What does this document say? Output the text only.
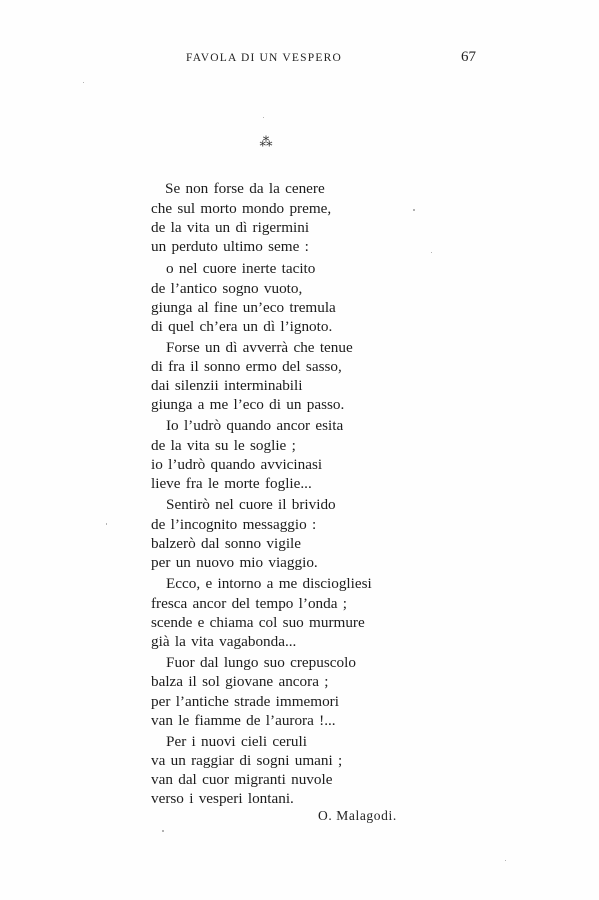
FAVOLA DI UN VESPERO	67
⁂
Se non forse da la cenere
che sul morto mondo preme,
de la vita un dì rigermini
un perduto ultimo seme :
o nel cuore inerte tacito
de l’antico sogno vuoto,
giunga al fine un’eco tremula
di quel ch’era un dì l’ignoto.
Forse un dì avverrà che tenue
di fra il sonno ermo del sasso,
dai silenzii interminabili
giunga a me l’eco di un passo.
Io l’udrò quando ancor esita
de la vita su le soglie ;
io l’udrò quando avvicinasi
lieve fra le morte foglie...
Sentirò nel cuore il brivido
de l’incognito messaggio :
balzerò dal sonno vigile
per un nuovo mio viaggio.
Ecco, e intorno a me disciogliesi
fresca ancor del tempo l’onda ;
scende e chiama col suo murmure
già la vita vagabonda...
Fuor dal lungo suo crepuscolo
balza il sol giovane ancora ;
per l’antiche strade immemori
van le fiamme de l’aurora !...
Per i nuovi cieli ceruli
va un raggiar di sogni umani ;
van dal cuor migranti nuvole
verso i vesperi lontani.
O. Malagodi.
